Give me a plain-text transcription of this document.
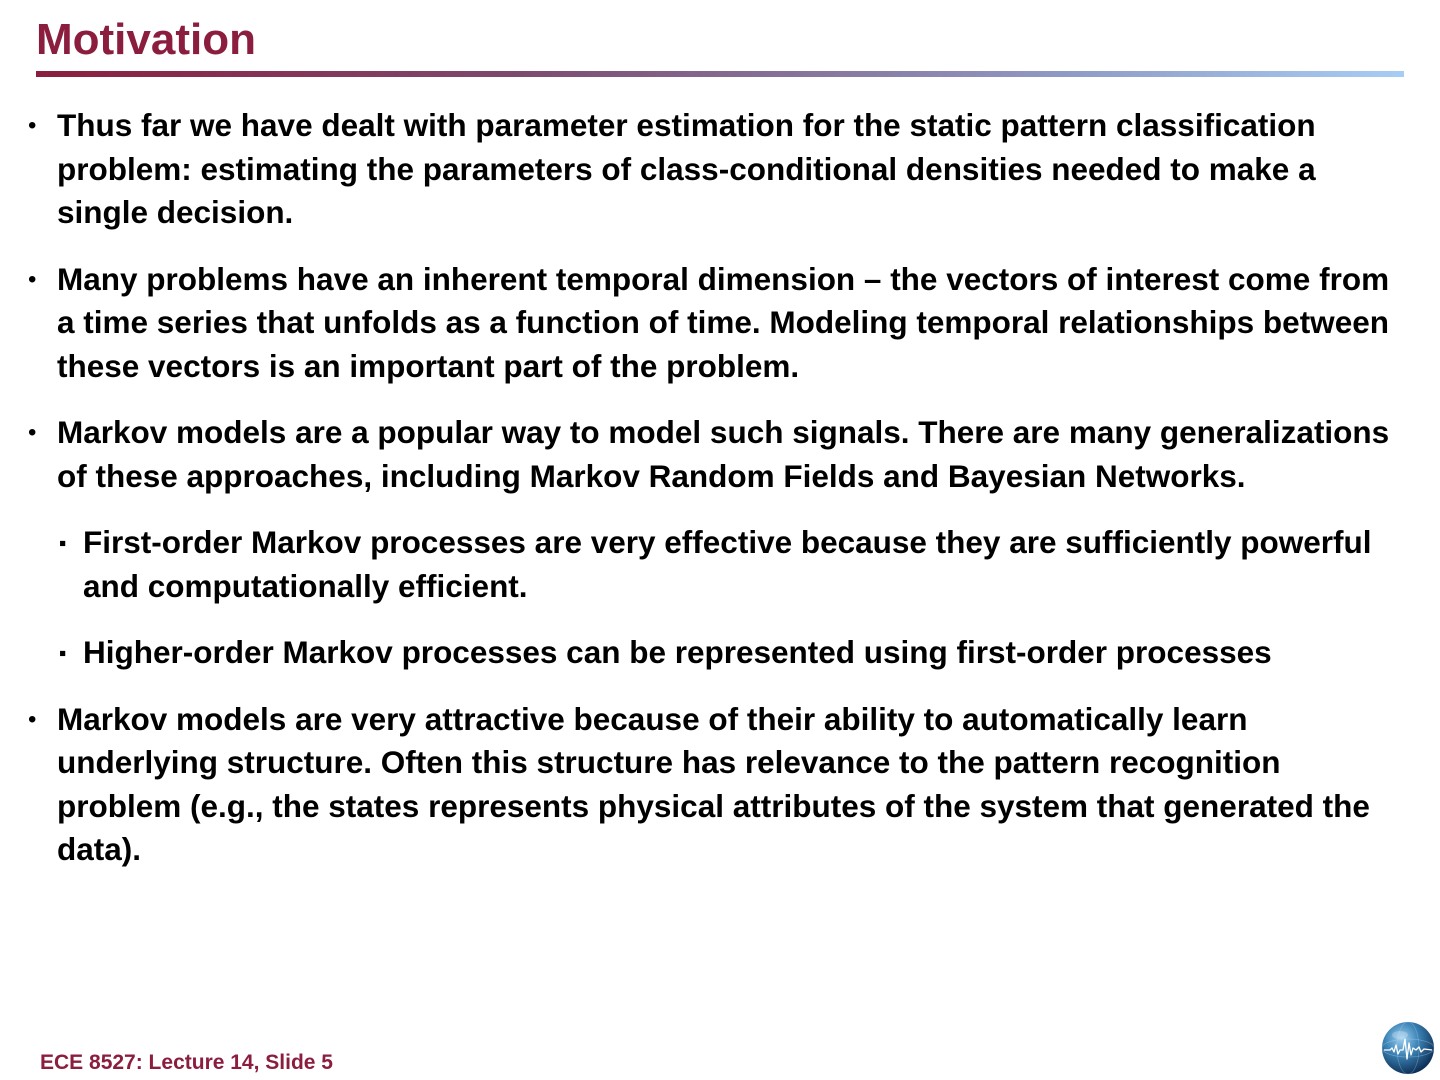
Motivation
• Thus far we have dealt with parameter estimation for the static pattern classification problem: estimating the parameters of class-conditional densities needed to make a single decision.
• Many problems have an inherent temporal dimension – the vectors of interest come from a time series that unfolds as a function of time. Modeling temporal relationships between these vectors is an important part of the problem.
• Markov models are a popular way to model such signals. There are many generalizations of these approaches, including Markov Random Fields and Bayesian Networks.
▪ First-order Markov processes are very effective because they are sufficiently powerful and computationally efficient.
▪ Higher-order Markov processes can be represented using first-order processes
• Markov models are very attractive because of their ability to automatically learn underlying structure. Often this structure has relevance to the pattern recognition problem (e.g., the states represents physical attributes of the system that generated the data).
ECE 8527: Lecture 14, Slide 5
